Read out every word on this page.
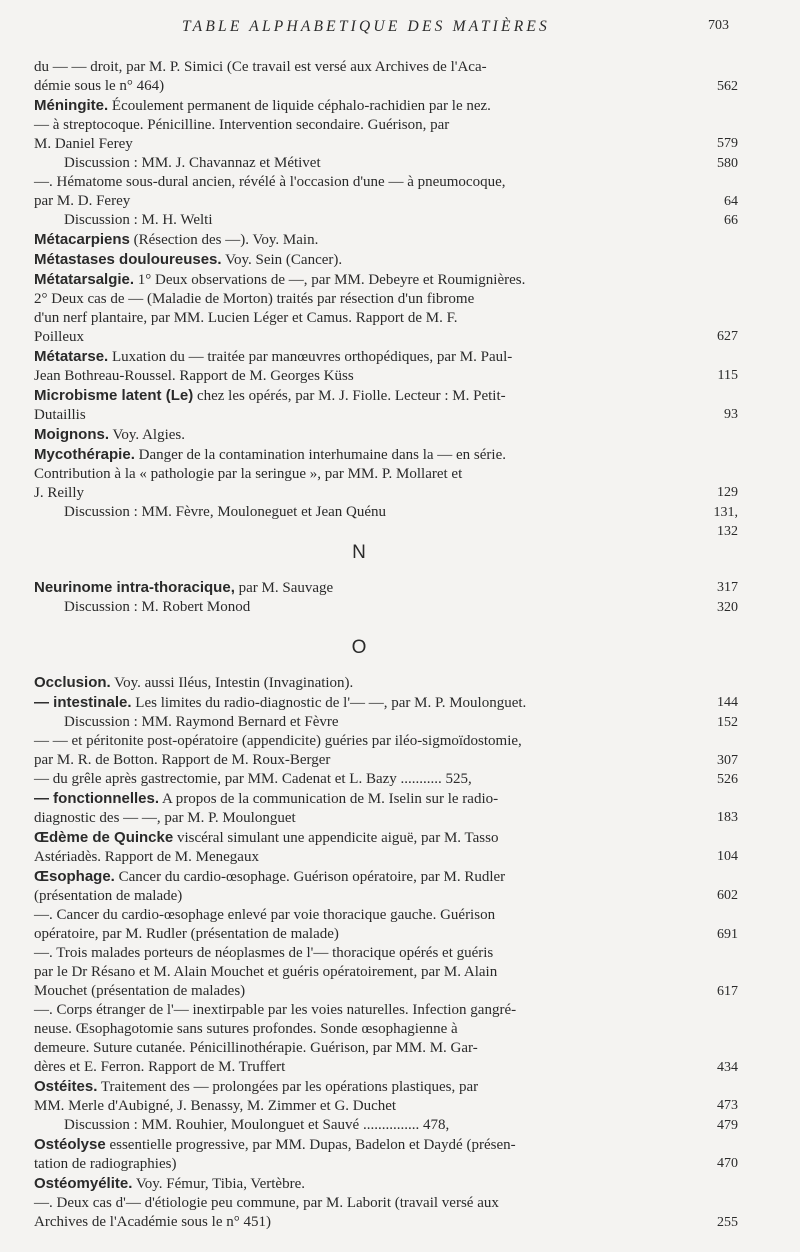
TABLE ALPHABETIQUE DES MATIÈRES	703
du — — droit, par M. P. Simici (Ce travail est versé aux Archives de l'Aca-
démie sous le n° 464)	562
Méningite. Écoulement permanent de liquide céphalo-rachidien par le nez.
— à streptocoque. Pénicilline. Intervention secondaire. Guérison, par
M. Daniel Ferey	579
Discussion : MM. J. Chavannaz et Métivet	580
—. Hématome sous-dural ancien, révélé à l'occasion d'une — à pneumocoque,
par M. D. Ferey	64
Discussion : M. H. Welti	66
Métacarpiens (Résection des —). Voy. Main.
Métastases douloureuses. Voy. Sein (Cancer).
Métatarsalgie. 1° Deux observations de —, par MM. Debeyre et Roumignières.
2° Deux cas de — (Maladie de Morton) traités par résection d'un fibrome
d'un nerf plantaire, par MM. Lucien Léger et Camus. Rapport de M. F.
Poilleux	627
Métatarse. Luxation du — traitée par manœuvres orthopédiques, par M. Paul-
Jean Bothreau-Roussel. Rapport de M. Georges Küss	115
Microbisme latent (Le) chez les opérés, par M. J. Fiolle. Lecteur : M. Petit-
Dutaillis	93
Moignons. Voy. Algies.
Mycothérapie. Danger de la contamination interhumaine dans la — en série.
Contribution à la « pathologie par la seringue », par MM. P. Mollaret et
J. Reilly	129
Discussion : MM. Fèvre, Mouloneguet et Jean Quénu	131, 132
N
Neurinome intra-thoracique, par M. Sauvage	317
Discussion : M. Robert Monod	320
O
Occlusion. Voy. aussi Iléus, Intestin (Invagination).
— intestinale. Les limites du radio-diagnostic de l'— —, par M. P. Moulonguet.	144
Discussion : MM. Raymond Bernard et Fèvre	152
— — et péritonite post-opératoire (appendicite) guéries par iléo-sigmoïdostomie,
par M. R. de Botton. Rapport de M. Roux-Berger	307
— du grêle après gastrectomie, par MM. Cadenat et L. Bazy ........... 525,	526
— fonctionnelles. A propos de la communication de M. Iselin sur le radio-
diagnostic des — —, par M. P. Moulonguet	183
Œdème de Quincke viscéral simulant une appendicite aiguë, par M. Tasso
Astériadès. Rapport de M. Menegaux	104
Œsophage. Cancer du cardio-œsophage. Guérison opératoire, par M. Rudler
(présentation de malade)	602
—. Cancer du cardio-œsophage enlevé par voie thoracique gauche. Guérison
opératoire, par M. Rudler (présentation de malade)	691
—. Trois malades porteurs de néoplasmes de l'— thoracique opérés et guéris
par le Dr Résano et M. Alain Mouchet et guéris opératoirement, par M. Alain
Mouchet (présentation de malades)	617
—. Corps étranger de l'— inextirpable par les voies naturelles. Infection gangré-
neuse. Œsophagotomie sans sutures profondes. Sonde œsophagienne à
demeure. Suture cutanée. Pénicillinothérapie. Guérison, par MM. M. Gar-
dères et E. Ferron. Rapport de M. Truffert	434
Ostéites. Traitement des — prolongées par les opérations plastiques, par
MM. Merle d'Aubigné, J. Benassy, M. Zimmer et G. Duchet	473
Discussion : MM. Rouhier, Moulonguet et Sauvé ............... 478,	479
Ostéolyse essentielle progressive, par MM. Dupas, Badelon et Daydé (présen-
tation de radiographies)	470
Ostéomyélite. Voy. Fémur, Tibia, Vertèbre.
—. Deux cas d'— d'étiologie peu commune, par M. Laborit (travail versé aux
Archives de l'Académie sous le n° 451)	255
